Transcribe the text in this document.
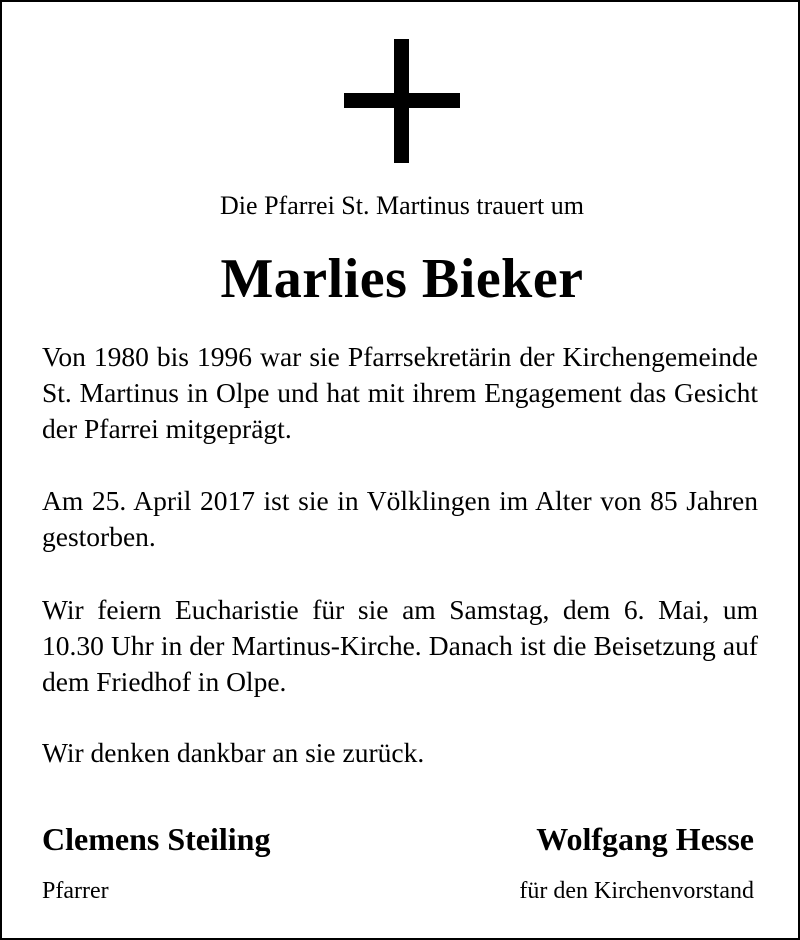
Die Pfarrei St. Martinus trauert um
Marlies Bieker

Von 1980 bis 1996 war sie Pfarrsekretärin der Kirchengemeinde St. Martinus in Olpe und hat mit ihrem Engagement das Gesicht der Pfarrei mitgeprägt.

Am 25. April 2017 ist sie in Völklingen im Alter von 85 Jahren gestorben.

Wir feiern Eucharistie für sie am Samstag, dem 6. Mai, um 10.30 Uhr in der Martinus-Kirche. Danach ist die Beisetzung auf dem Friedhof in Olpe.

Wir denken dankbar an sie zurück.

Clemens Steiling	Wolfgang Hesse
Pfarrer	für den Kirchenvorstand
